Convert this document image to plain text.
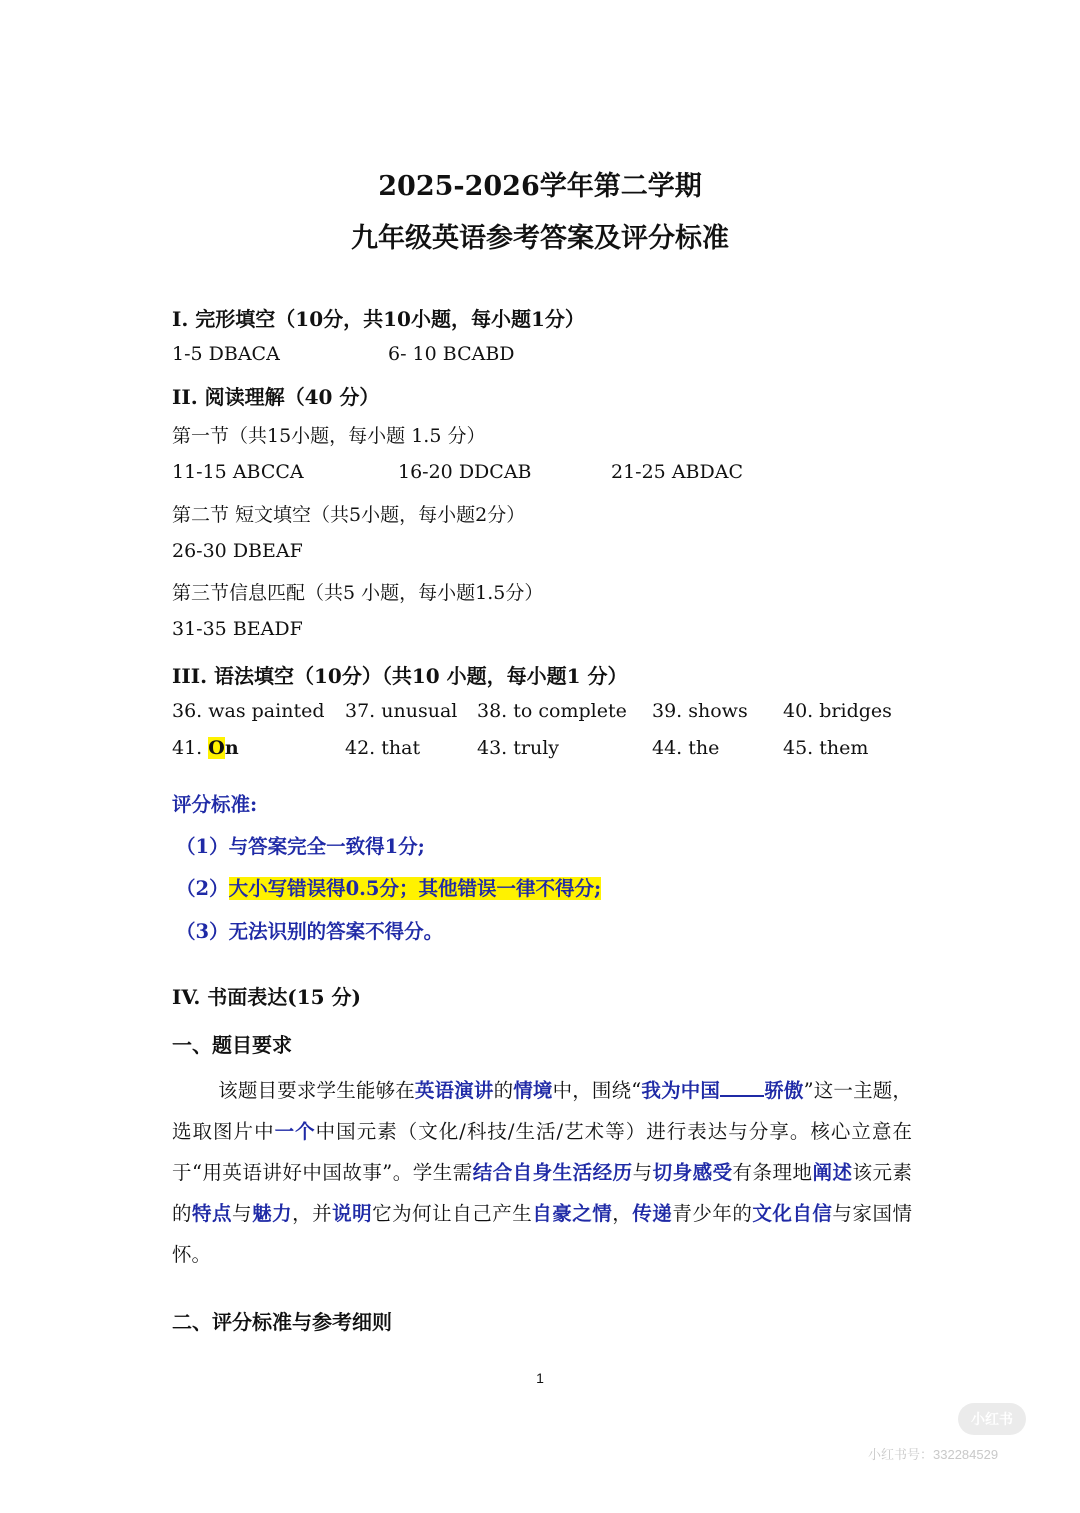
2025-2026学年第二学期
九年级英语参考答案及评分标准
I. 完形填空（10分，共10小题，每小题1分）
1-5 DBACA	6- 10 BCABD
II. 阅读理解（40 分）
第一节（共15小题，每小题 1.5 分）
11-15 ABCCA	16-20 DDCAB	21-25 ABDAC
第二节 短文填空（共5小题，每小题2分）
26-30 DBEAF
第三节信息匹配（共5 小题，每小题1.5分）
31-35 BEADF
III. 语法填空（10分）（共10 小题，每小题1 分）
36. was painted 37. unusual 38. to complete 39. shows 40. bridges
41. On	42. that	43. truly	44. the	45. them
评分标准:
（1）与答案完全一致得1分;
（2）大小写错误得0.5分；其他错误一律不得分;
（3）无法识别的答案不得分。
IV. 书面表达(15 分)
一、题目要求
该题目要求学生能够在英语演讲的情境中，围绕“我为中国 骄傲”这一主题，选取图片中一个中国元素（文化/科技/生活/艺术等）进行表达与分享。核心立意在于“用英语讲好中国故事”。学生需结合自身生活经历与切身感受有条理地阐述该元素的特点与魅力，并说明它为何让自己产生自豪之情，传递青少年的文化自信与家国情怀。
二、评分标准与参考细则
1
小红书
小红书号：332284529
